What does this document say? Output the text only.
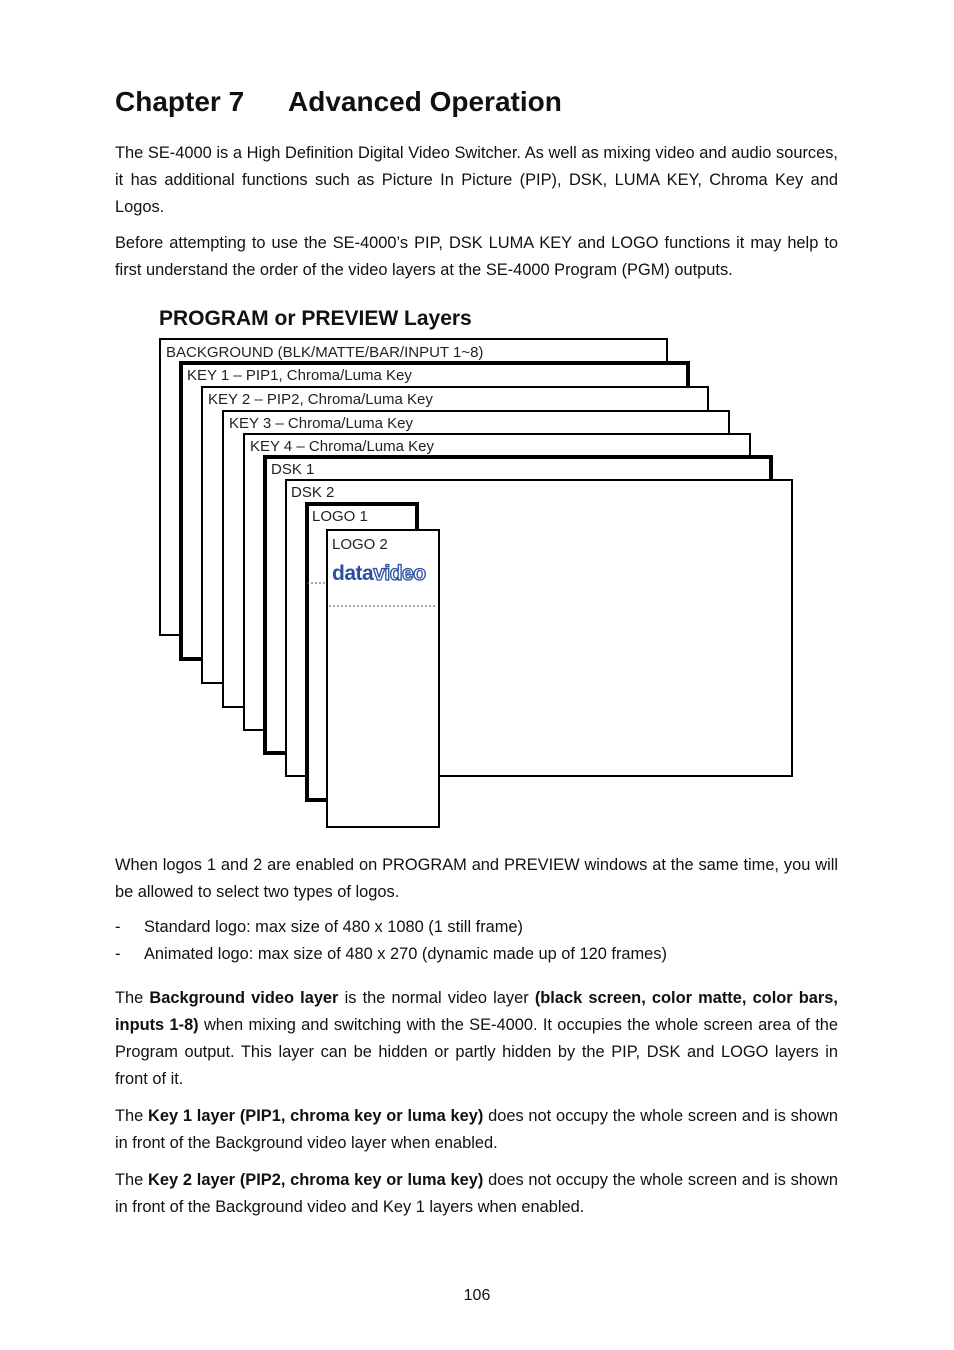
Chapter 7 Advanced Operation

The SE-4000 is a High Definition Digital Video Switcher. As well as mixing video and audio sources, it has additional functions such as Picture In Picture (PIP), DSK, LUMA KEY, Chroma Key and Logos.

Before attempting to use the SE-4000’s PIP, DSK LUMA KEY and LOGO functions it may help to first understand the order of the video layers at the SE-4000 Program (PGM) outputs.

PROGRAM or PREVIEW Layers
BACKGROUND (BLK/MATTE/BAR/INPUT 1~8)
KEY 1 – PIP1, Chroma/Luma Key
KEY 2 – PIP2, Chroma/Luma Key
KEY 3 – Chroma/Luma Key
KEY 4 – Chroma/Luma Key
DSK 1
DSK 2
LOGO 1
LOGO 2
datavideo

When logos 1 and 2 are enabled on PROGRAM and PREVIEW windows at the same time, you will be allowed to select two types of logos.

- Standard logo: max size of 480 x 1080 (1 still frame)
- Animated logo: max size of 480 x 270 (dynamic made up of 120 frames)

The Background video layer is the normal video layer (black screen, color matte, color bars, inputs 1-8) when mixing and switching with the SE-4000. It occupies the whole screen area of the Program output. This layer can be hidden or partly hidden by the PIP, DSK and LOGO layers in front of it.

The Key 1 layer (PIP1, chroma key or luma key) does not occupy the whole screen and is shown in front of the Background video layer when enabled.

The Key 2 layer (PIP2, chroma key or luma key) does not occupy the whole screen and is shown in front of the Background video and Key 1 layers when enabled.

106
